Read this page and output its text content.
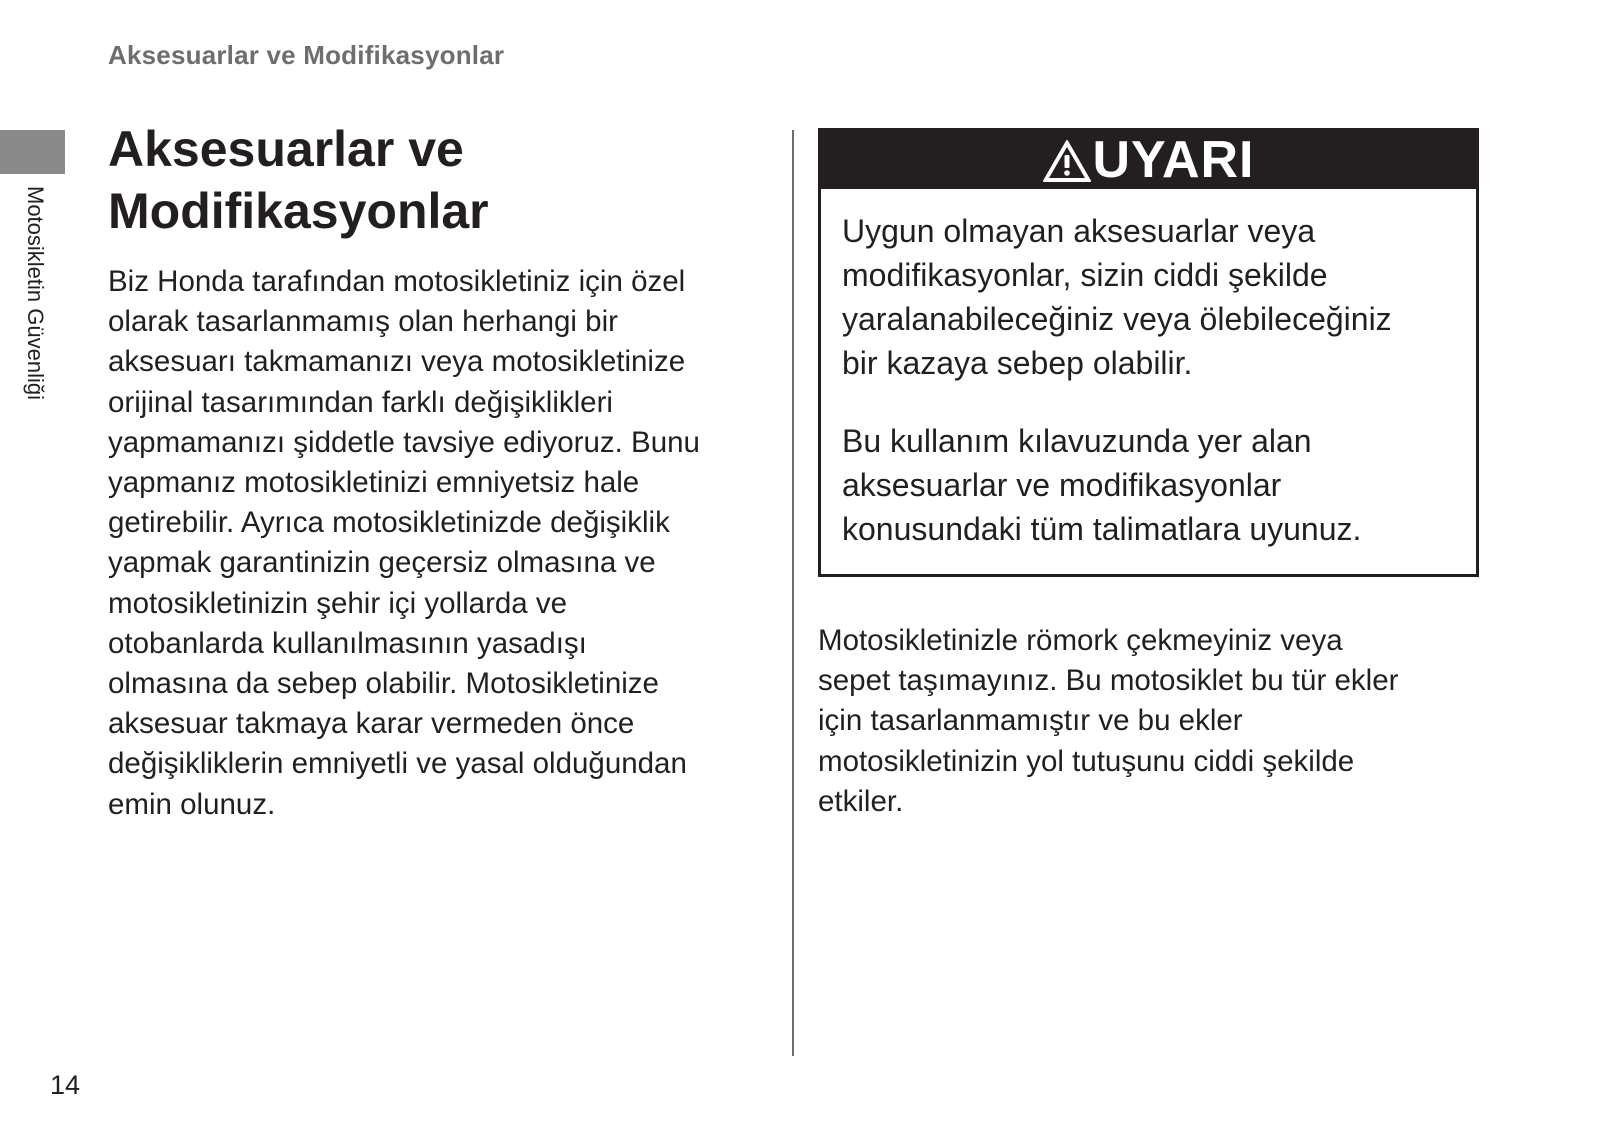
Aksesuarlar ve Modifikasyonlar
Motosikletin Güvenliği
Aksesuarlar ve
Modifikasyonlar

Biz Honda tarafından motosikletiniz için özel
olarak tasarlanmamış olan herhangi bir
aksesuarı takmamanızı veya motosikletinize
orijinal tasarımından farklı değişiklikleri
yapmamanızı şiddetle tavsiye ediyoruz. Bunu
yapmanız motosikletinizi emniyetsiz hale
getirebilir. Ayrıca motosikletinizde değişiklik
yapmak garantinizin geçersiz olmasına ve
motosikletinizin şehir içi yollarda ve
otobanlarda kullanılmasının yasadışı
olmasına da sebep olabilir. Motosikletinize
aksesuar takmaya karar vermeden önce
değişikliklerin emniyetli ve yasal olduğundan
emin olunuz.

UYARI

Uygun olmayan aksesuarlar veya
modifikasyonlar, sizin ciddi şekilde
yaralanabileceğiniz veya ölebileceğiniz
bir kazaya sebep olabilir.

Bu kullanım kılavuzunda yer alan
aksesuarlar ve modifikasyonlar
konusundaki tüm talimatlara uyunuz.

Motosikletinizle römork çekmeyiniz veya
sepet taşımayınız. Bu motosiklet bu tür ekler
için tasarlanmamıştır ve bu ekler
motosikletinizin yol tutuşunu ciddi şekilde
etkiler.

14
